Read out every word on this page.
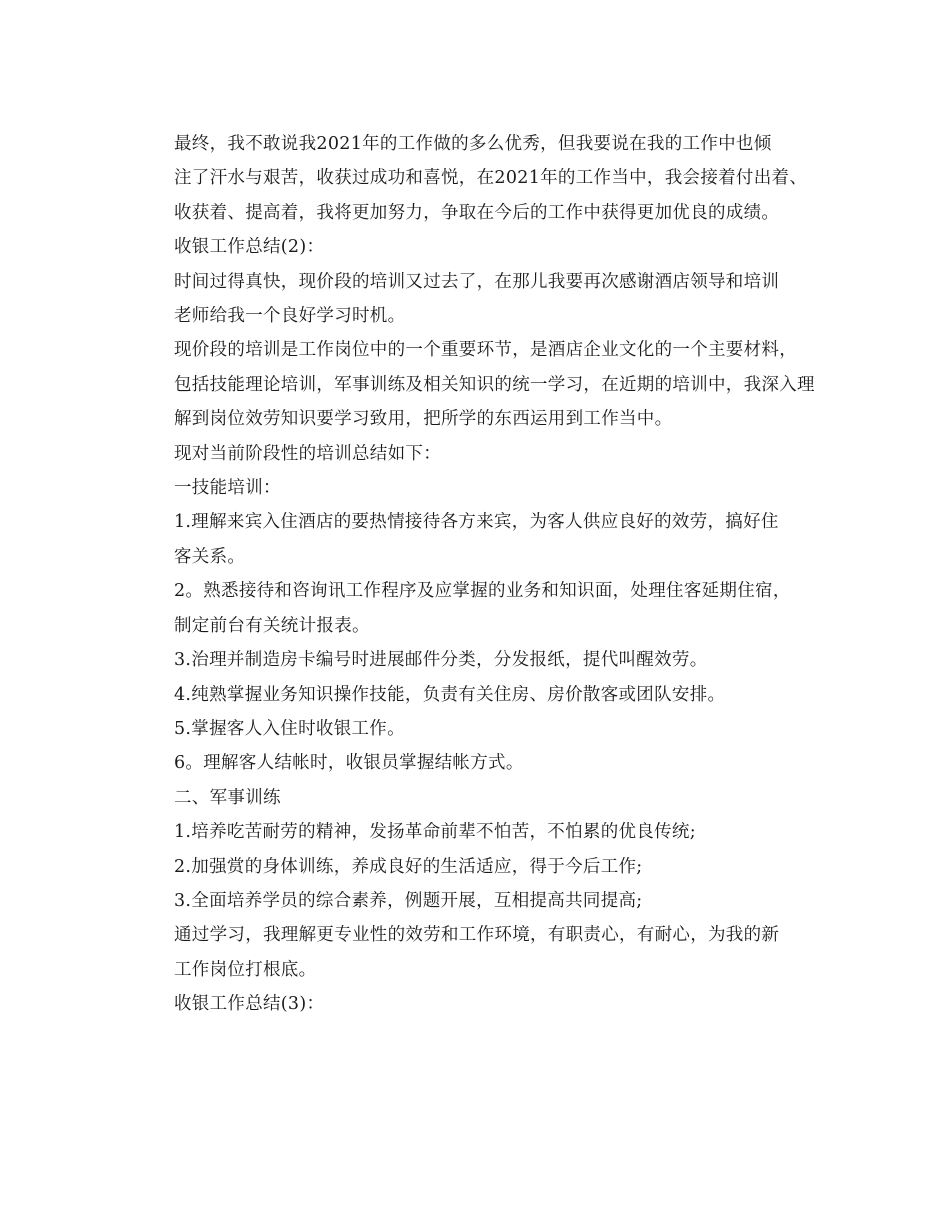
最终，我不敢说我2021年的工作做的多么优秀，但我要说在我的工作中也倾
注了汗水与艰苦，收获过成功和喜悦，在2021年的工作当中，我会接着付出着、
收获着、提高着，我将更加努力，争取在今后的工作中获得更加优良的成绩。

收银工作总结(2)：

时间过得真快，现价段的培训又过去了，在那儿我要再次感谢酒店领导和培训
老师给我一个良好学习时机。

现价段的培训是工作岗位中的一个重要环节，是酒店企业文化的一个主要材料，
包括技能理论培训，军事训练及相关知识的统一学习，在近期的培训中，我深入理
解到岗位效劳知识要学习致用，把所学的东西运用到工作当中。

现对当前阶段性的培训总结如下：

一技能培训：

1.理解来宾入住酒店的要热情接待各方来宾，为客人供应良好的效劳，搞好住
客关系。

2。熟悉接待和咨询讯工作程序及应掌握的业务和知识面，处理住客延期住宿，
制定前台有关统计报表。

3.治理并制造房卡编号时进展邮件分类，分发报纸，提代叫醒效劳。

4.纯熟掌握业务知识操作技能，负责有关住房、房价散客或团队安排。

5.掌握客人入住时收银工作。

6。理解客人结帐时，收银员掌握结帐方式。

二、军事训练

1.培养吃苦耐劳的精神，发扬革命前辈不怕苦，不怕累的优良传统;

2.加强赏的身体训练，养成良好的生活适应，得于今后工作;

3.全面培养学员的综合素养，例题开展，互相提高共同提高;

通过学习，我理解更专业性的效劳和工作环境，有职责心，有耐心，为我的新
工作岗位打根底。

收银工作总结(3)：
